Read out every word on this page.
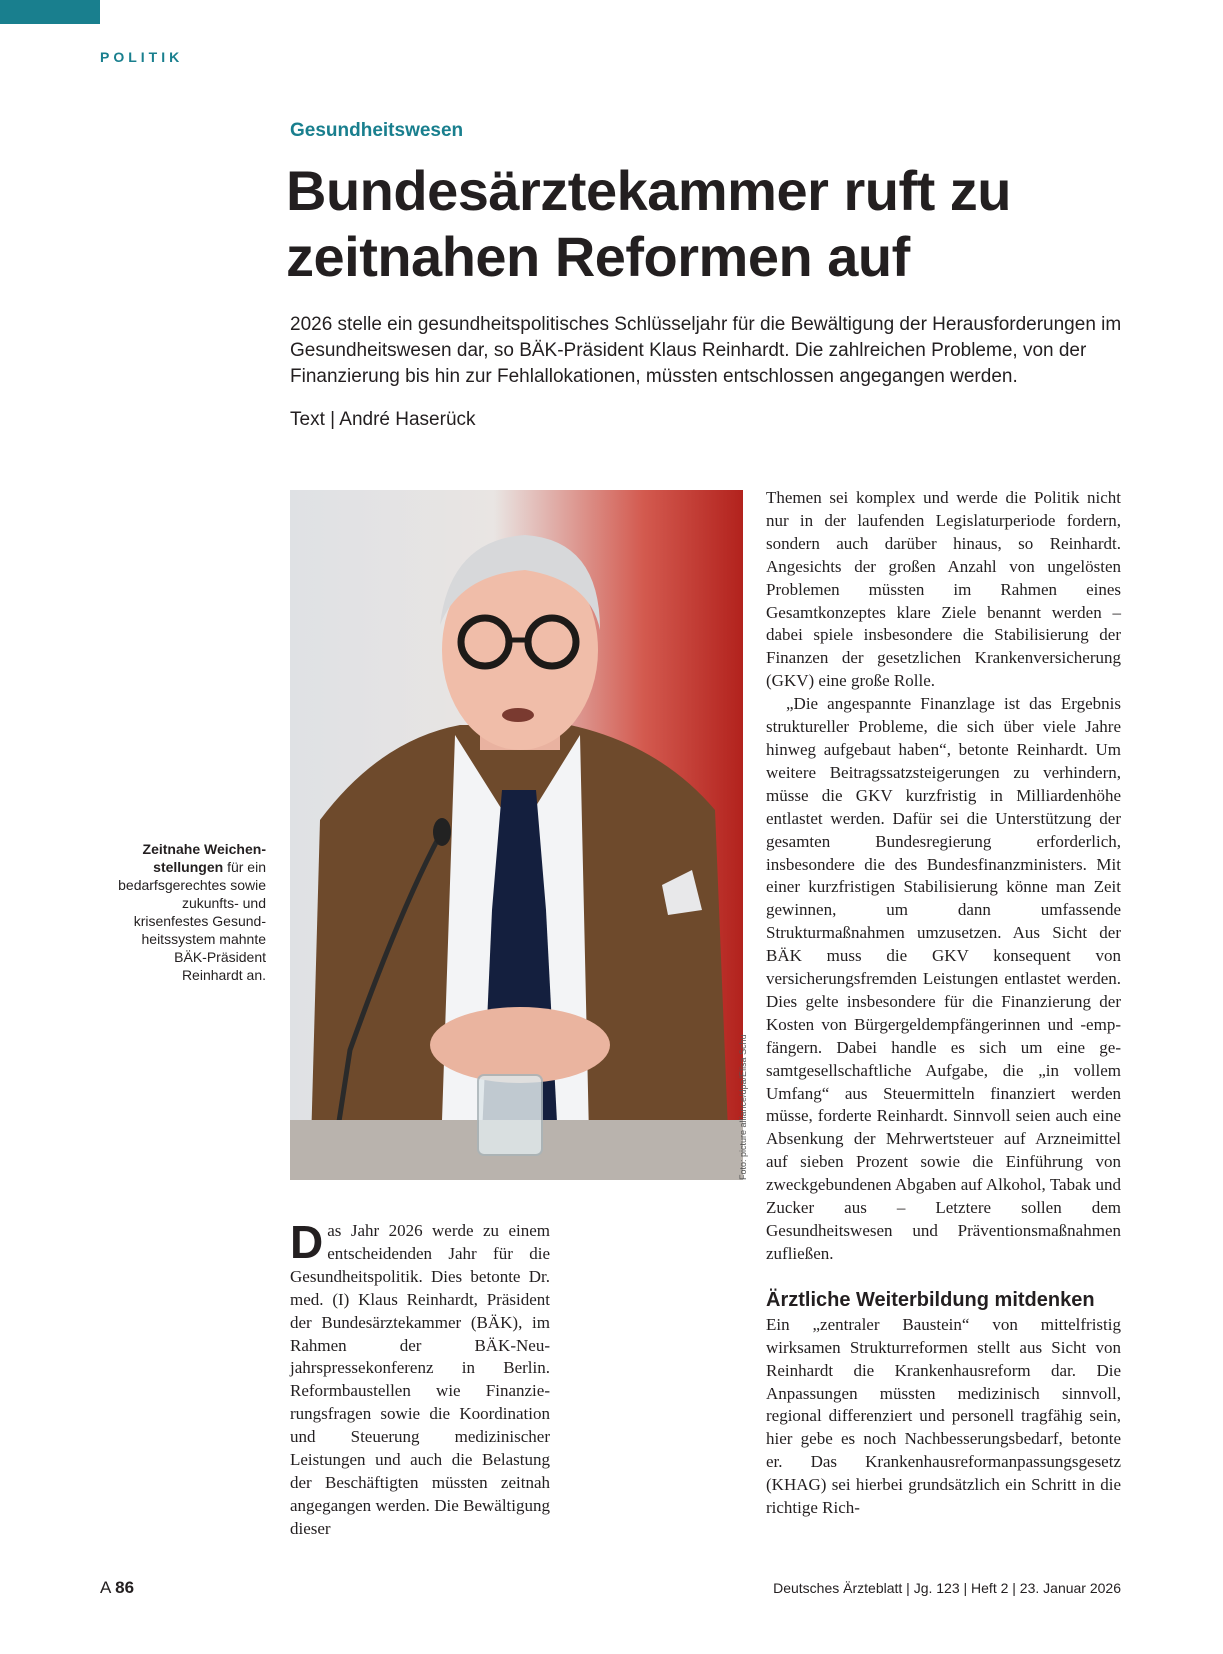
POLITIK
Gesundheitswesen
Bundesärztekammer ruft zu zeitnahen Reformen auf

2026 stelle ein gesundheitspolitisches Schlüsseljahr für die Bewältigung der Herausforderungen im Gesundheitswesen dar, so BÄK-Präsident Klaus Reinhardt. Die zahlreichen Probleme, von der Finanzierung bis hin zur Fehlallokationen, müssten entschlossen angegangen werden.

Text | André Haserück
Foto: picture alliance/dpa/Elisa Schu

Zeitnahe Weichenstellungen für ein bedarfsgerechtes sowie zukunfts- und krisenfestes Gesundheitssystem mahnte BÄK-Präsident Reinhardt an.

Das Jahr 2026 werde zu einem entscheidenden Jahr für die Gesundheitspolitik. Dies betonte Dr. med. (I) Klaus Reinhardt, Präsident der Bundesärztekammer (BÄK), im Rahmen der BÄK-Neujahrspressekonferenz in Berlin. Reformbaustellen wie Finanzierungsfragen sowie die Koordination und Steuerung medizinischer Leistungen und auch die Belastung der Beschäftigten müssten zeitnah angegangen werden. Die Bewältigung dieser

Themen sei komplex und werde die Politik nicht nur in der laufenden Legislaturperiode fordern, sondern auch darüber hinaus, so Reinhardt. Angesichts der großen Anzahl von ungelösten Problemen müssten im Rahmen eines Gesamtkonzeptes klare Ziele benannt werden – dabei spiele insbesondere die Stabilisierung der Finanzen der gesetzlichen Krankenversicherung (GKV) eine große Rolle.

„Die angespannte Finanzlage ist das Ergebnis struktureller Probleme, die sich über viele Jahre hinweg aufgebaut haben“, betonte Reinhardt. Um weitere Beitragssatzsteigerungen zu verhindern, müsse die GKV kurzfristig in Milliardenhöhe entlastet werden. Dafür sei die Unterstützung der gesamten Bundesregierung erforderlich, insbesondere die des Bundesfinanzministers. Mit einer kurzfristigen Stabilisierung könne man Zeit gewinnen, um dann umfassende Strukturmaßnahmen umzusetzen. Aus Sicht der BÄK muss die GKV konsequent von versicherungsfremden Leistungen entlastet werden. Dies gelte insbesondere für die Finanzierung der Kosten von Bürgergeldempfängerinnen und -empfängern. Dabei handle es sich um eine gesamtgesellschaftliche Aufgabe, die „in vollem Umfang“ aus Steuermitteln finanziert werden müsse, forderte Reinhardt. Sinnvoll seien auch eine Absenkung der Mehrwertsteuer auf Arzneimittel auf sieben Prozent sowie die Einführung von zweckgebundenen Abgaben auf Alkohol, Tabak und Zucker aus – Letztere sollen dem Gesundheitswesen und Präventionsmaßnahmen zufließen.

Ärztliche Weiterbildung mitdenken

Ein „zentraler Baustein“ von mittelfristig wirksamen Strukturreformen stellt aus Sicht von Reinhardt die Krankenhausreform dar. Die Anpassungen müssten medizinisch sinnvoll, regional differenziert und personell tragfähig sein, hier gebe es noch Nachbesserungsbedarf, betonte er. Das Krankenhausreformanpassungsgesetz (KHAG) sei hierbei grundsätzlich ein Schritt in die richtige Rich-

A 86	Deutsches Ärzteblatt | Jg. 123 | Heft 2 | 23. Januar 2026
